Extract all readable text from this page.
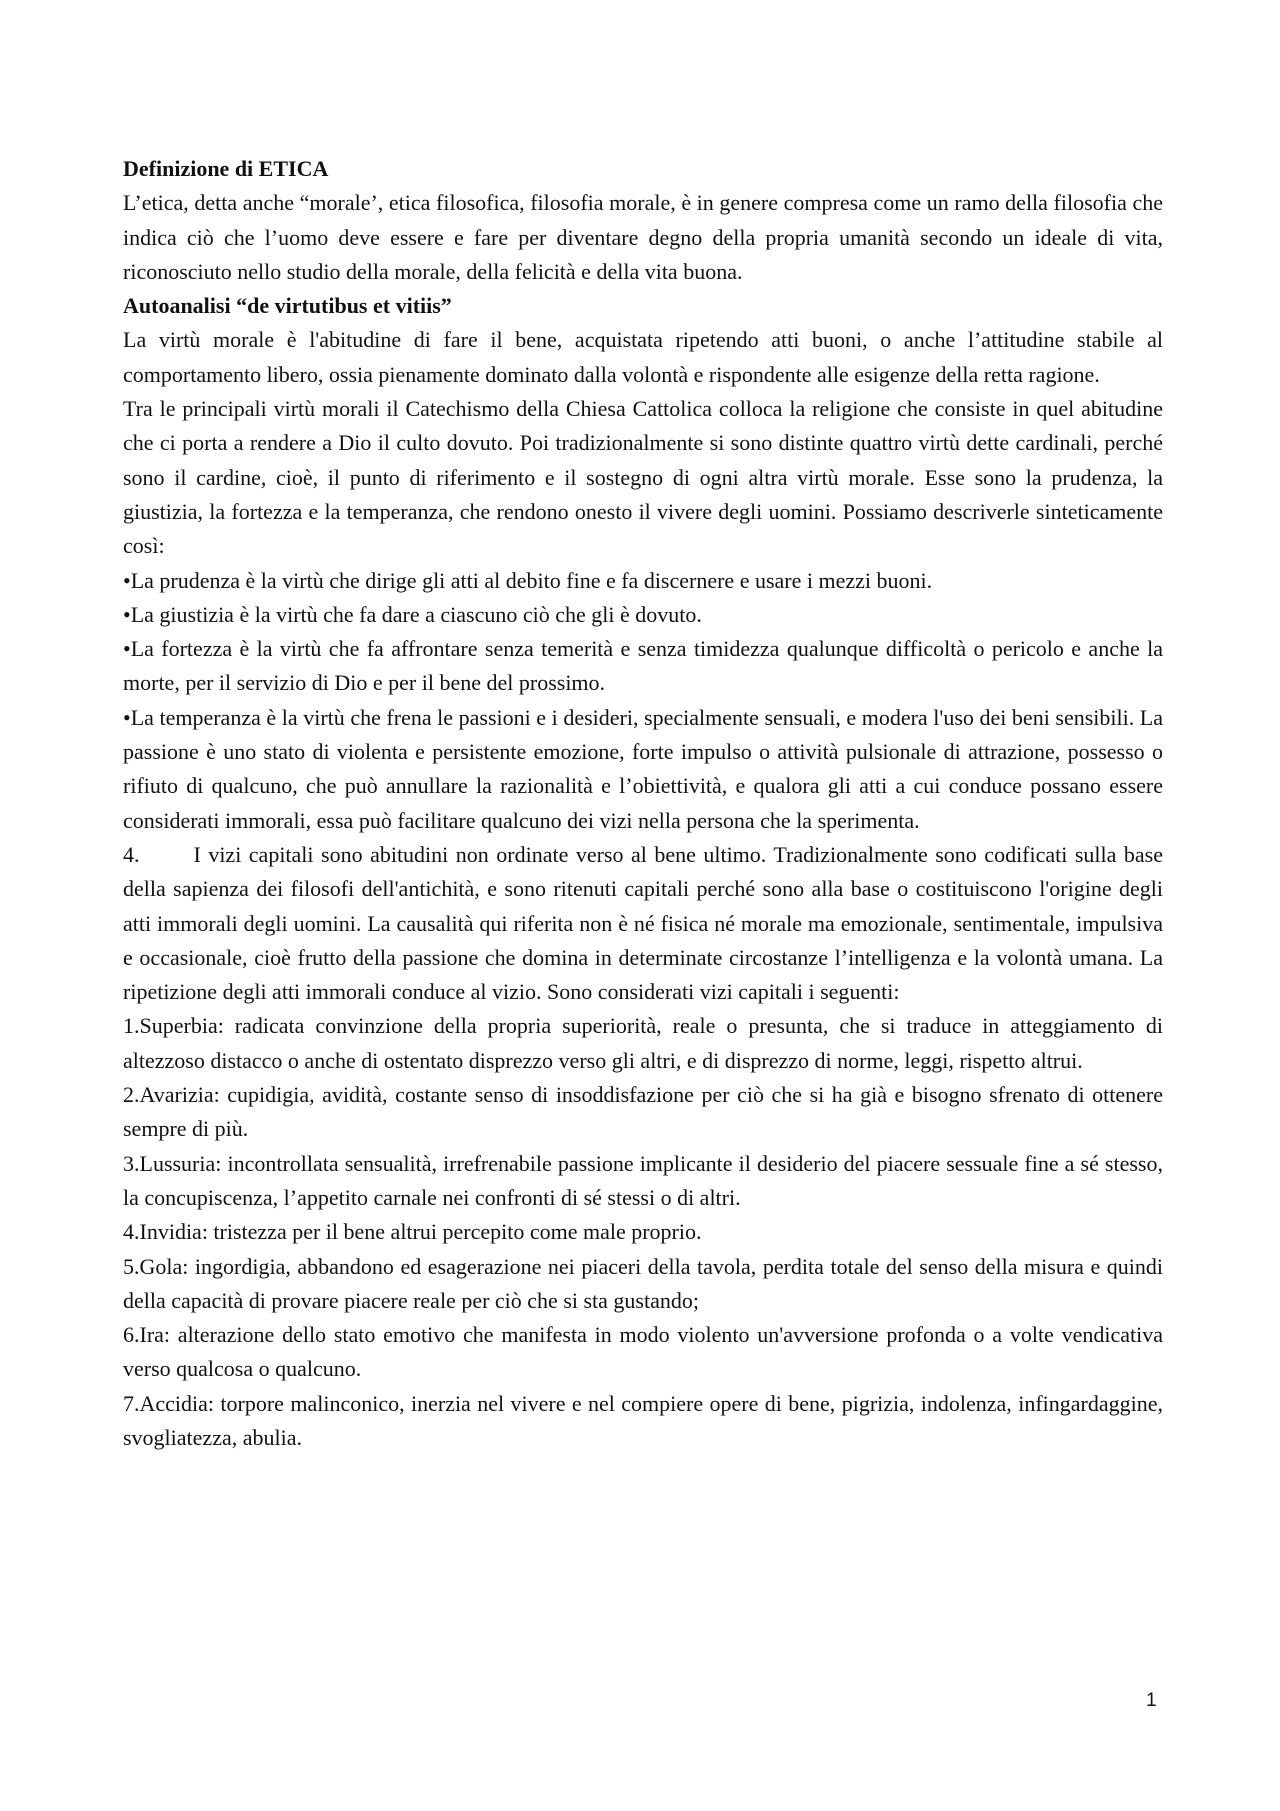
Definizione di ETICA

L’etica, detta anche “morale’, etica filosofica, filosofia morale, è in genere compresa come un ramo della filosofia che indica ciò che l’uomo deve essere e fare per diventare degno della propria umanità secondo un ideale di vita, riconosciuto nello studio della morale, della felicità e della vita buona.

Autoanalisi “de virtutibus et vitiis”

La virtù morale è l'abitudine di fare il bene, acquistata ripetendo atti buoni, o anche l’attitudine stabile al comportamento libero, ossia pienamente dominato dalla volontà e rispondente alle esigenze della retta ragione.

Tra le principali virtù morali il Catechismo della Chiesa Cattolica colloca la religione che consiste in quel abitudine che ci porta a rendere a Dio il culto dovuto. Poi tradizionalmente si sono distinte quattro virtù dette cardinali, perché sono il cardine, cioè, il punto di riferimento e il sostegno di ogni altra virtù morale. Esse sono la prudenza, la giustizia, la fortezza e la temperanza, che rendono onesto il vivere degli uomini. Possiamo descriverle sinteticamente così:

•La prudenza è la virtù che dirige gli atti al debito fine e fa discernere e usare i mezzi buoni.

•La giustizia è la virtù che fa dare a ciascuno ciò che gli è dovuto.

•La fortezza è la virtù che fa affrontare senza temerità e senza timidezza qualunque difficoltà o pericolo e anche la morte, per il servizio di Dio e per il bene del prossimo.

•La temperanza è la virtù che frena le passioni e i desideri, specialmente sensuali, e modera l'uso dei beni sensibili. La passione è uno stato di violenta e persistente emozione, forte impulso o attività pulsionale di attrazione, possesso o rifiuto di qualcuno, che può annullare la razionalità e l’obiettività, e qualora gli atti a cui conduce possano essere considerati immorali, essa può facilitare qualcuno dei vizi nella persona che la sperimenta.

4. I vizi capitali sono abitudini non ordinate verso al bene ultimo. Tradizionalmente sono codificati sulla base della sapienza dei filosofi dell'antichità, e sono ritenuti capitali perché sono alla base o costituiscono l'origine degli atti immorali degli uomini. La causalità qui riferita non è né fisica né morale ma emozionale, sentimentale, impulsiva e occasionale, cioè frutto della passione che domina in determinate circostanze l’intelligenza e la volontà umana. La ripetizione degli atti immorali conduce al vizio. Sono considerati vizi capitali i seguenti:

1.Superbia: radicata convinzione della propria superiorità, reale o presunta, che si traduce in atteggiamento di altezzoso distacco o anche di ostentato disprezzo verso gli altri, e di disprezzo di norme, leggi, rispetto altrui.

2.Avarizia: cupidigia, avidità, costante senso di insoddisfazione per ciò che si ha già e bisogno sfrenato di ottenere sempre di più.

3.Lussuria: incontrollata sensualità, irrefrenabile passione implicante il desiderio del piacere sessuale fine a sé stesso, la concupiscenza, l’appetito carnale nei confronti di sé stessi o di altri.

4.Invidia: tristezza per il bene altrui percepito come male proprio.

5.Gola: ingordigia, abbandono ed esagerazione nei piaceri della tavola, perdita totale del senso della misura e quindi della capacità di provare piacere reale per ciò che si sta gustando;

6.Ira: alterazione dello stato emotivo che manifesta in modo violento un'avversione profonda o a volte vendicativa verso qualcosa o qualcuno.

7.Accidia: torpore malinconico, inerzia nel vivere e nel compiere opere di bene, pigrizia, indolenza, infingardaggine, svogliatezza, abulia.

1
